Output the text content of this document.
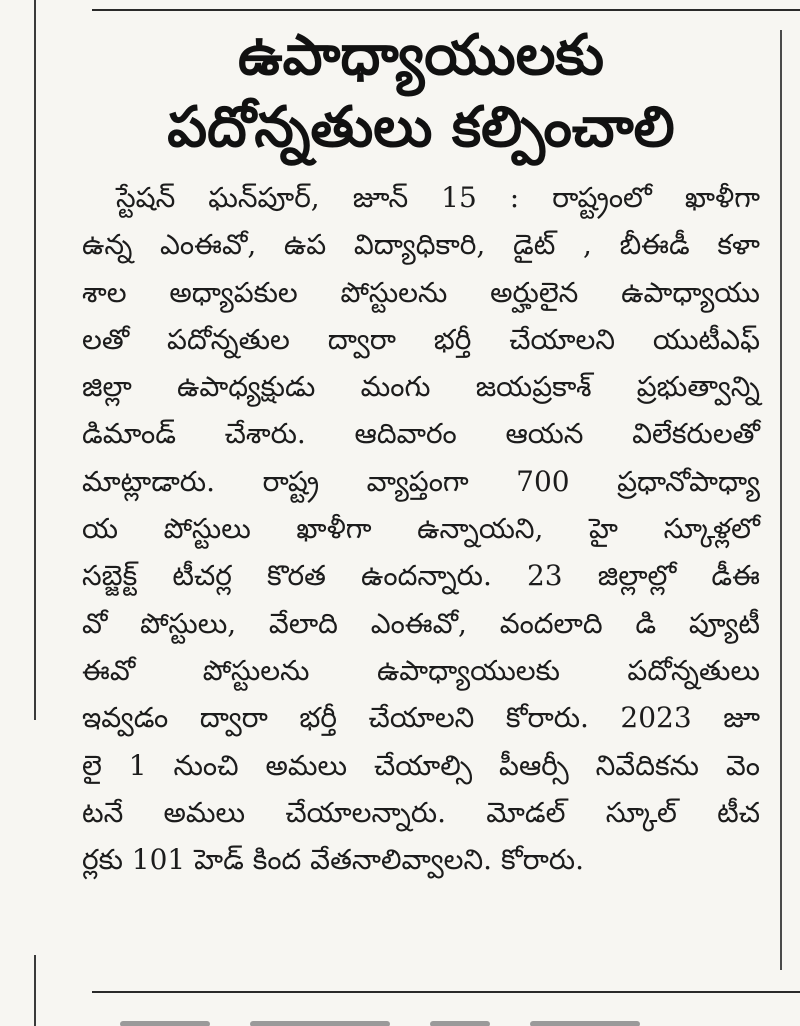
ఉపాధ్యాయులకు
పదోన్నతులు కల్పించాలి
స్టేషన్ ఘన్‌పూర్, జూన్ 15 : రాష్ట్రంలో ఖాళీగా
ఉన్న ఎంఈవో, ఉప విద్యాధికారి, డైట్ , బీఈడీ కళా
శాల అధ్యాపకుల పోస్టులను అర్హులైన ఉపాధ్యాయు
లతో పదోన్నతుల ద్వారా భర్తీ చేయాలని యుటీఎఫ్
జిల్లా ఉపాధ్యక్షుడు మంగు జయప్రకాశ్ ప్రభుత్వాన్ని
డిమాండ్ చేశారు. ఆదివారం ఆయన విలేకరులతో
మాట్లాడారు. రాష్ట్ర వ్యాప్తంగా 700 ప్రధానోపాధ్యా
య పోస్టులు ఖాళీగా ఉన్నాయని, హై స్కూళ్లలో
సబ్జెక్ట్ టీచర్ల కొరత ఉందన్నారు. 23 జిల్లాల్లో డీఈ
వో పోస్టులు, వేలాది ఎంఈవో, వందలాది డి ప్యూటీ
ఈవో పోస్టులను ఉపాధ్యాయులకు పదోన్నతులు
ఇవ్వడం ద్వారా భర్తీ చేయాలని కోరారు. 2023 జూ
లై 1 నుంచి అమలు చేయాల్సి పీఆర్సీ నివేదికను వెం
టనే అమలు చేయాలన్నారు. మోడల్ స్కూల్ టీచ
ర్లకు 101 హెడ్ కింద వేతనాలివ్వాలని. కోరారు.
